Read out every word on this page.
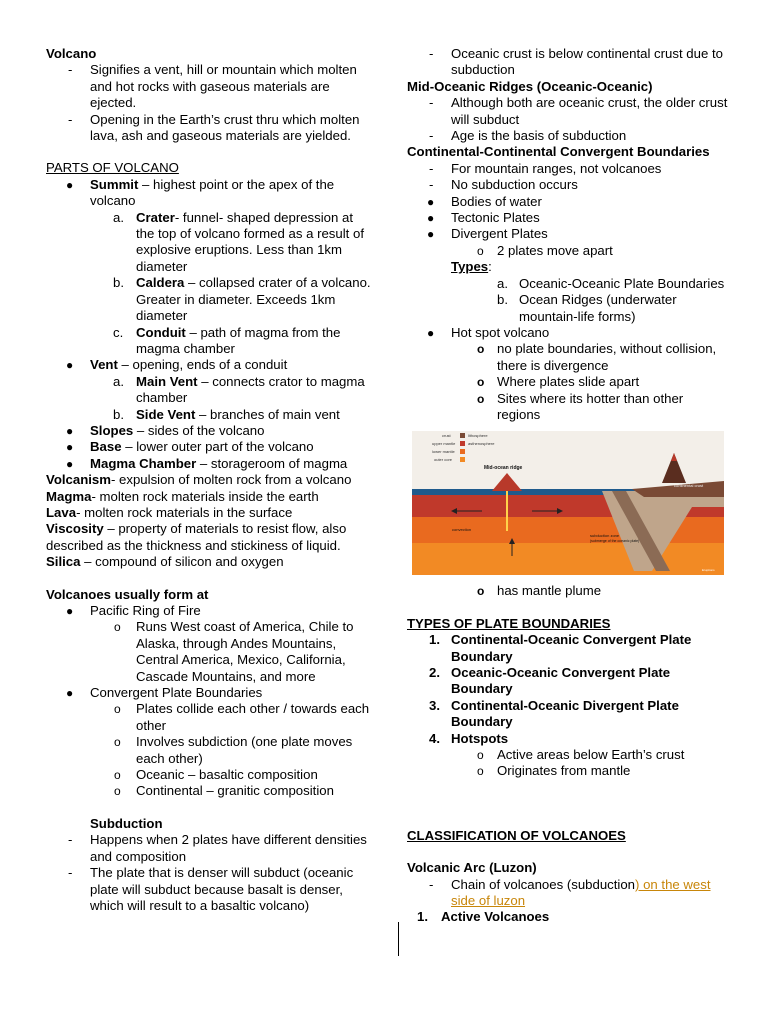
Volcano

- Signifies a vent, hill or mountain which molten and hot rocks with gaseous materials are ejected.
- Opening in the Earth’s crust thru which molten lava, ash and gaseous materials are yielded.

PARTS OF VOLCANO

● Summit – highest point or the apex of the volcano
a. Crater- funnel- shaped depression at the top of volcano formed as a result of explosive eruptions. Less than 1km diameter
b. Caldera – collapsed crater of a volcano. Greater in diameter. Exceeds 1km diameter
c. Conduit – path of magma from the magma chamber
● Vent – opening, ends of a conduit
a. Main Vent – connects crator to magma chamber
b. Side Vent – branches of main vent
● Slopes – sides of the volcano
● Base – lower outer part of the volcano
● Magma Chamber – storageroom of magma

Volcanism- expulsion of molten rock from a volcano

Magma- molten rock materials inside the earth

Lava- molten rock materials in the surface

Viscosity – property of materials to resist flow, also described as the thickness and stickiness of liquid.

Silica – compound of silicon and oxygen

Volcanoes usually form at

● Pacific Ring of Fire
o Runs West coast of America, Chile to Alaska, through Andes Mountains, Central America, Mexico, California, Cascade Mountains, and more
● Convergent Plate Boundaries
o Plates collide each other / towards each other
o Involves subdiction (one plate moves each other)
o Oceanic – basaltic composition
o Continental – granitic composition

Subduction

- Happens when 2 plates have different densities and composition
- The plate that is denser will subduct (oceanic plate will subduct because basalt is denser, which will result to a basaltic volcano)
- Oceanic crust is below continental crust due to subduction

Mid-Oceanic Ridges (Oceanic-Oceanic)

- Although both are oceanic crust, the older crust will subduct
- Age is the basis of subduction

Continental-Continental Convergent Boundaries

- For mountain ranges, not volcanoes
- No subduction occurs
● Bodies of water
● Tectonic Plates
● Divergent Plates
o 2 plates move apart
Types:
a. Oceanic-Oceanic Plate Boundaries
b. Ocean Ridges (underwater mountain-life forms)
● Hot spot volcano
o no plate boundaries, without collision, there is divergence
o Where plates slide apart
o Sites where its hotter than other regions
crust	lithosphere
upper mantle	asthenosphere
lower mantle
outer core
Mid-ocean ridge
oceanic crust	continental crust
convection
subduction zone
(submerge of the oceanic plate)
Eruptions
o has mantle plume

TYPES OF PLATE BOUNDARIES

1. Continental-Oceanic Convergent Plate Boundary
2. Oceanic-Oceanic Convergent Plate Boundary
3. Continental-Oceanic Divergent Plate Boundary
4. Hotspots
o Active areas below Earth’s crust
o Originates from mantle

CLASSIFICATION OF VOLCANOES

Volcanic Arc (Luzon)

- Chain of volcanoes (subduction) on the west side of luzon
1. Active Volcanoes
